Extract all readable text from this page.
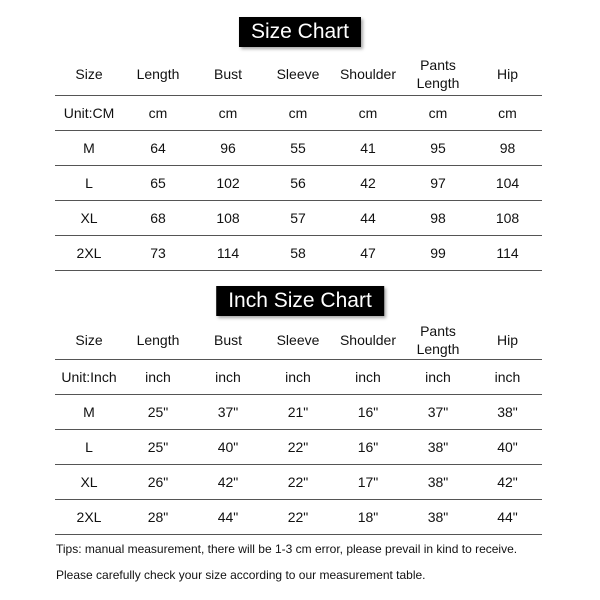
Size Chart
Size	Length	Bust	Sleeve	Shoulder	Pants Length	Hip
Unit:CM	cm	cm	cm	cm	cm	cm
M	64	96	55	41	95	98
L	65	102	56	42	97	104
XL	68	108	57	44	98	108
2XL	73	114	58	47	99	114
Inch Size Chart
Size	Length	Bust	Sleeve	Shoulder	Pants Length	Hip
Unit:Inch	inch	inch	inch	inch	inch	inch
M	25"	37"	21"	16"	37"	38"
L	25"	40"	22"	16"	38"	40"
XL	26"	42"	22"	17"	38"	42"
2XL	28"	44"	22"	18"	38"	44"
Tips: manual measurement, there will be 1-3 cm error, please prevail in kind to receive.
Please carefully check your size according to our measurement table.
